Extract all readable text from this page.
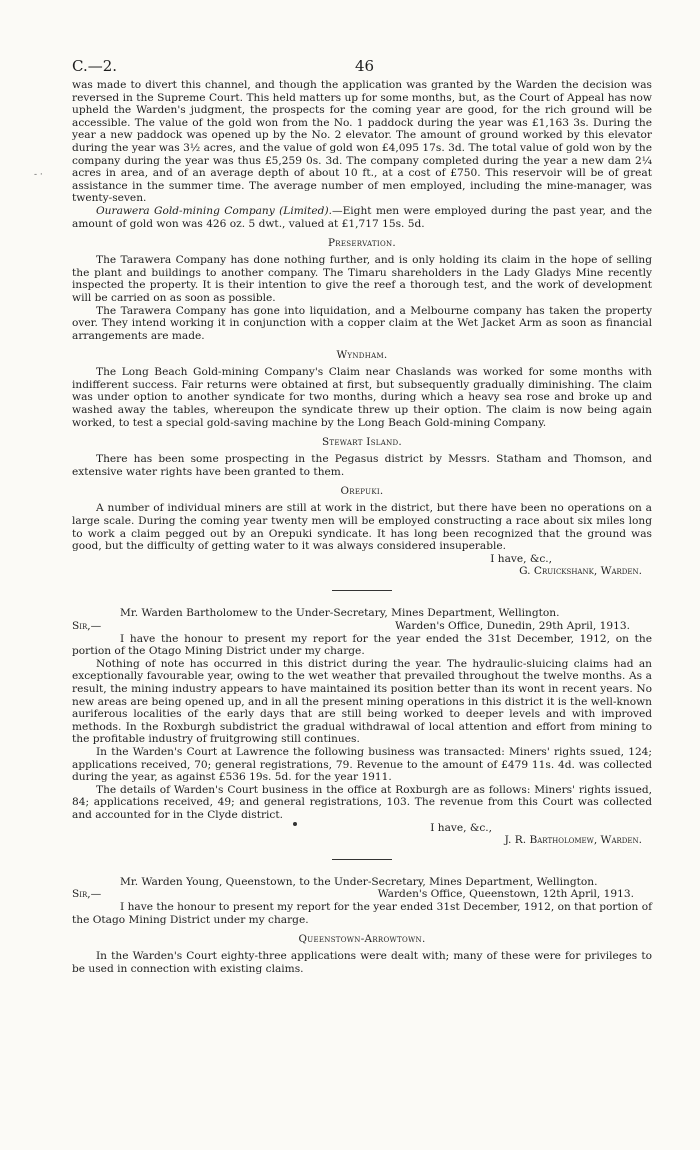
- ·
C.—2.	46

was made to divert this channel, and though the application was granted by the Warden the decision was reversed in the Supreme Court. This held matters up for some months, but, as the Court of Appeal has now upheld the Warden's judgment, the prospects for the coming year are good, for the rich ground will be accessible. The value of the gold won from the No. 1 paddock during the year was £1,163 3s. During the year a new paddock was opened up by the No. 2 elevator. The amount of ground worked by this elevator during the year was 3½ acres, and the value of gold won £4,095 17s. 3d. The total value of gold won by the company during the year was thus £5,259 0s. 3d. The company completed during the year a new dam 2¼ acres in area, and of an average depth of about 10 ft., at a cost of £750. This reservoir will be of great assistance in the summer time. The average number of men employed, including the mine-manager, was twenty-seven.

Ourawera Gold-mining Company (Limited).—Eight men were employed during the past year, and the amount of gold won was 426 oz. 5 dwt., valued at £1,717 15s. 5d.

Preservation.

The Tarawera Company has done nothing further, and is only holding its claim in the hope of selling the plant and buildings to another company. The Timaru shareholders in the Lady Gladys Mine recently inspected the property. It is their intention to give the reef a thorough test, and the work of development will be carried on as soon as possible.

The Tarawera Company has gone into liquidation, and a Melbourne company has taken the property over. They intend working it in conjunction with a copper claim at the Wet Jacket Arm as soon as financial arrangements are made.

Wyndham.

The Long Beach Gold-mining Company's Claim near Chaslands was worked for some months with indifferent success. Fair returns were obtained at first, but subsequently gradually diminishing. The claim was under option to another syndicate for two months, during which a heavy sea rose and broke up and washed away the tables, whereupon the syndicate threw up their option. The claim is now being again worked, to test a special gold-saving machine by the Long Beach Gold-mining Company.

Stewart Island.

There has been some prospecting in the Pegasus district by Messrs. Statham and Thomson, and extensive water rights have been granted to them.

Orepuki.

A number of individual miners are still at work in the district, but there have been no operations on a large scale. During the coming year twenty men will be employed constructing a race about six miles long to work a claim pegged out by an Orepuki syndicate. It has long been recognized that the ground was good, but the difficulty of getting water to it was always considered insuperable.

I have, &c.,
G. Cruickshank, Warden.
Mr. Warden Bartholomew to the Under-Secretary, Mines Department, Wellington.
Sir,—	Warden's Office, Dunedin, 29th April, 1913.

I have the honour to present my report for the year ended the 31st December, 1912, on the portion of the Otago Mining District under my charge.

Nothing of note has occurred in this district during the year. The hydraulic-sluicing claims had an exceptionally favourable year, owing to the wet weather that prevailed throughout the twelve months. As a result, the mining industry appears to have maintained its position better than its wont in recent years. No new areas are being opened up, and in all the present mining operations in this district it is the well-known auriferous localities of the early days that are still being worked to deeper levels and with improved methods. In the Roxburgh subdistrict the gradual withdrawal of local attention and effort from mining to the profitable industry of fruitgrowing still continues.

In the Warden's Court at Lawrence the following business was transacted: Miners' rights ssued, 124; applications received, 70; general registrations, 79. Revenue to the amount of £479 11s. 4d. was collected during the year, as against £536 19s. 5d. for the year 1911.

The details of Warden's Court business in the office at Roxburgh are as follows: Miners' rights issued, 84; applications received, 49; and general registrations, 103. The revenue from this Court was collected and accounted for in the Clyde district.

I have, &c.,
J. R. Bartholomew, Warden.
Mr. Warden Young, Queenstown, to the Under-Secretary, Mines Department, Wellington.
Sir,—	Warden's Office, Queenstown, 12th April, 1913.

I have the honour to present my report for the year ended 31st December, 1912, on that portion of the Otago Mining District under my charge.

Queenstown-Arrowtown.

In the Warden's Court eighty-three applications were dealt with; many of these were for privileges to be used in connection with existing claims.
